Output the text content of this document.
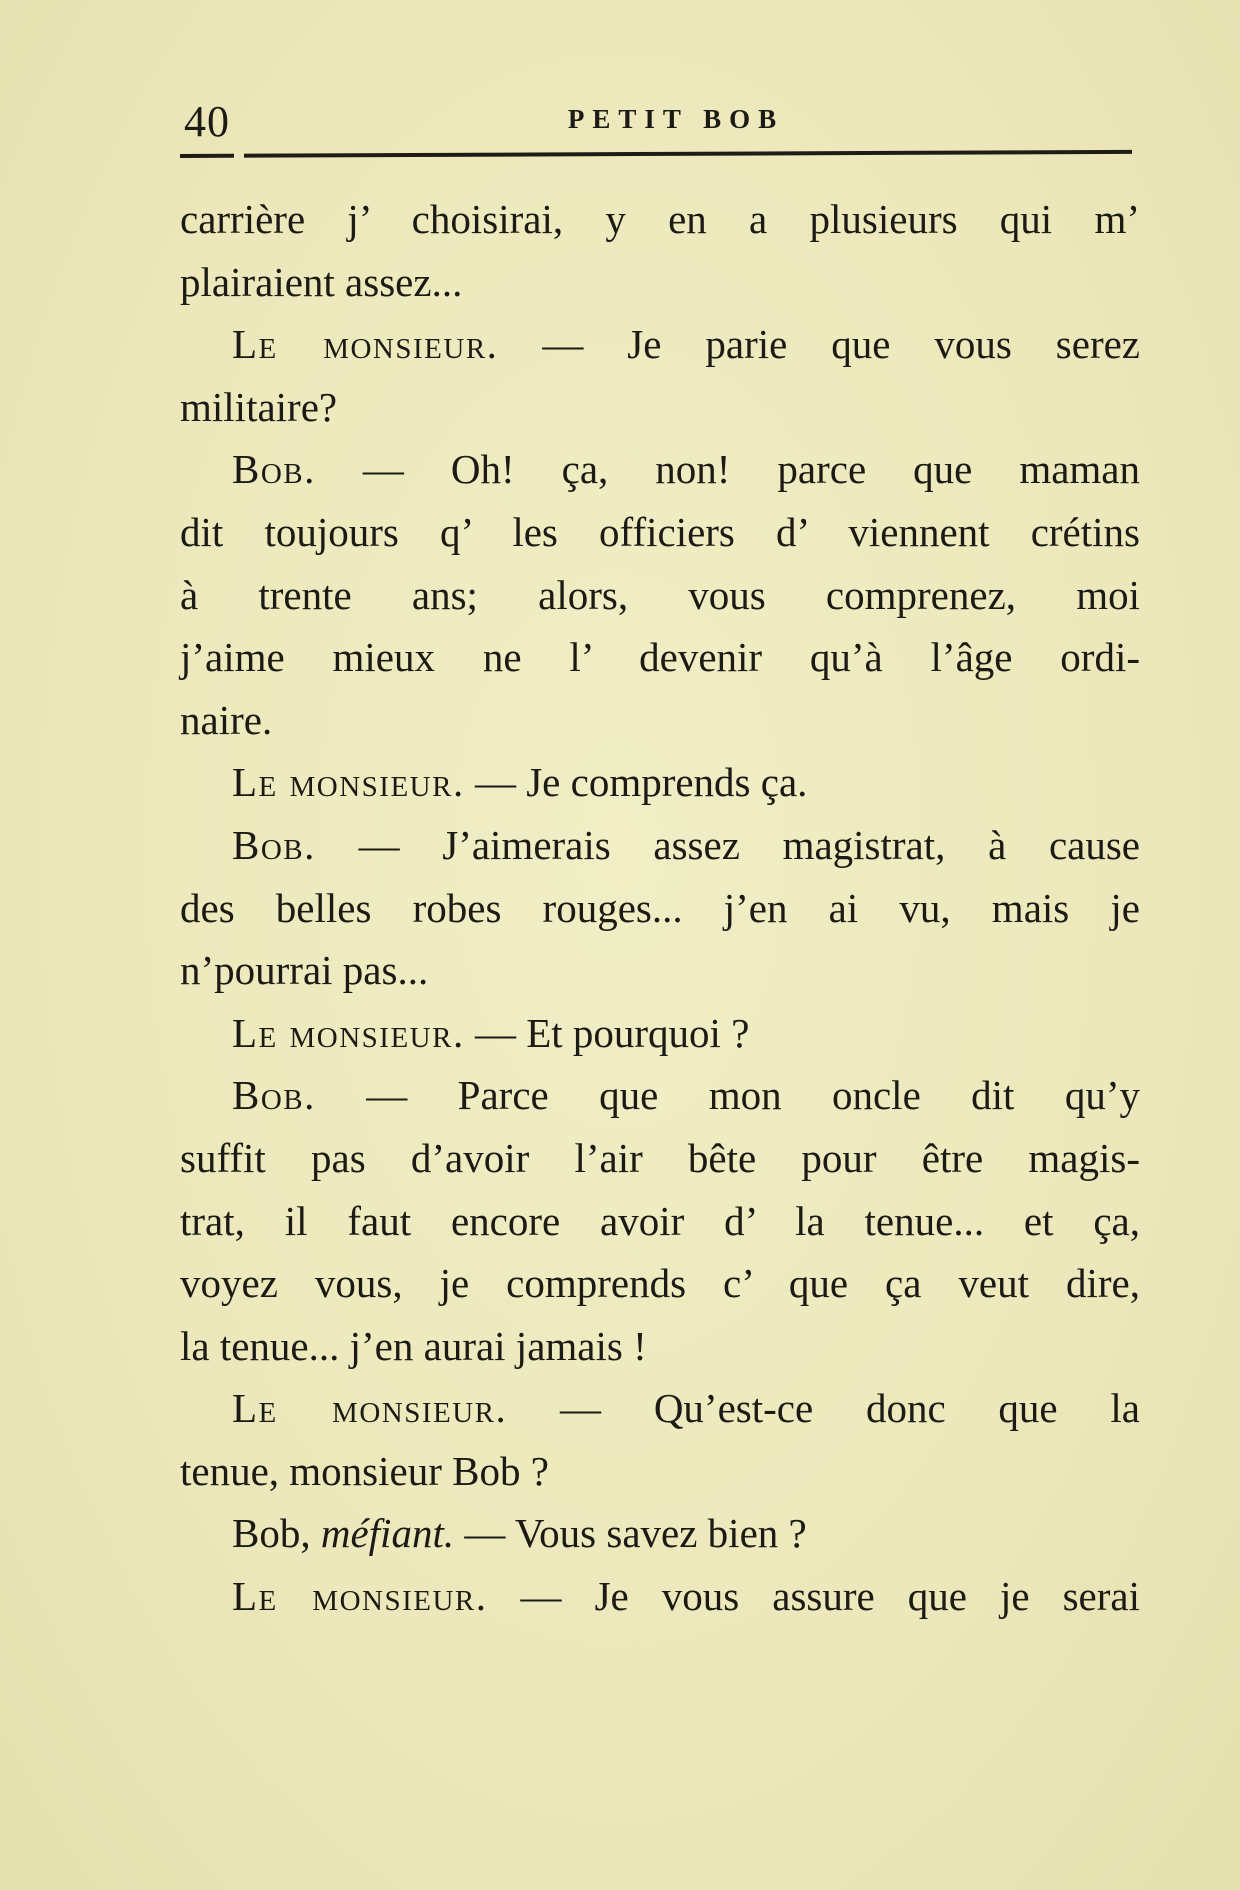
40	PETIT BOB
carrière j’ choisirai, y en a plusieurs qui m’
plairaient assez...
Le monsieur. — Je parie que vous serez
militaire?
Bob. — Oh! ça, non! parce que maman
dit toujours q’ les officiers d’ viennent crétins
à trente ans; alors, vous comprenez, moi
j’aime mieux ne l’ devenir qu’à l’âge ordi-
naire.
Le monsieur. — Je comprends ça.
Bob. — J’aimerais assez magistrat, à cause
des belles robes rouges... j’en ai vu, mais je
n’pourrai pas...
Le monsieur. — Et pourquoi ?
Bob. — Parce que mon oncle dit qu’y
suffit pas d’avoir l’air bête pour être magis-
trat, il faut encore avoir d’ la tenue... et ça,
voyez vous, je comprends c’ que ça veut dire,
la tenue... j’en aurai jamais !
Le monsieur. — Qu’est-ce donc que la
tenue, monsieur Bob ?
Bob, méfiant. — Vous savez bien ?
Le monsieur. — Je vous assure que je serai
